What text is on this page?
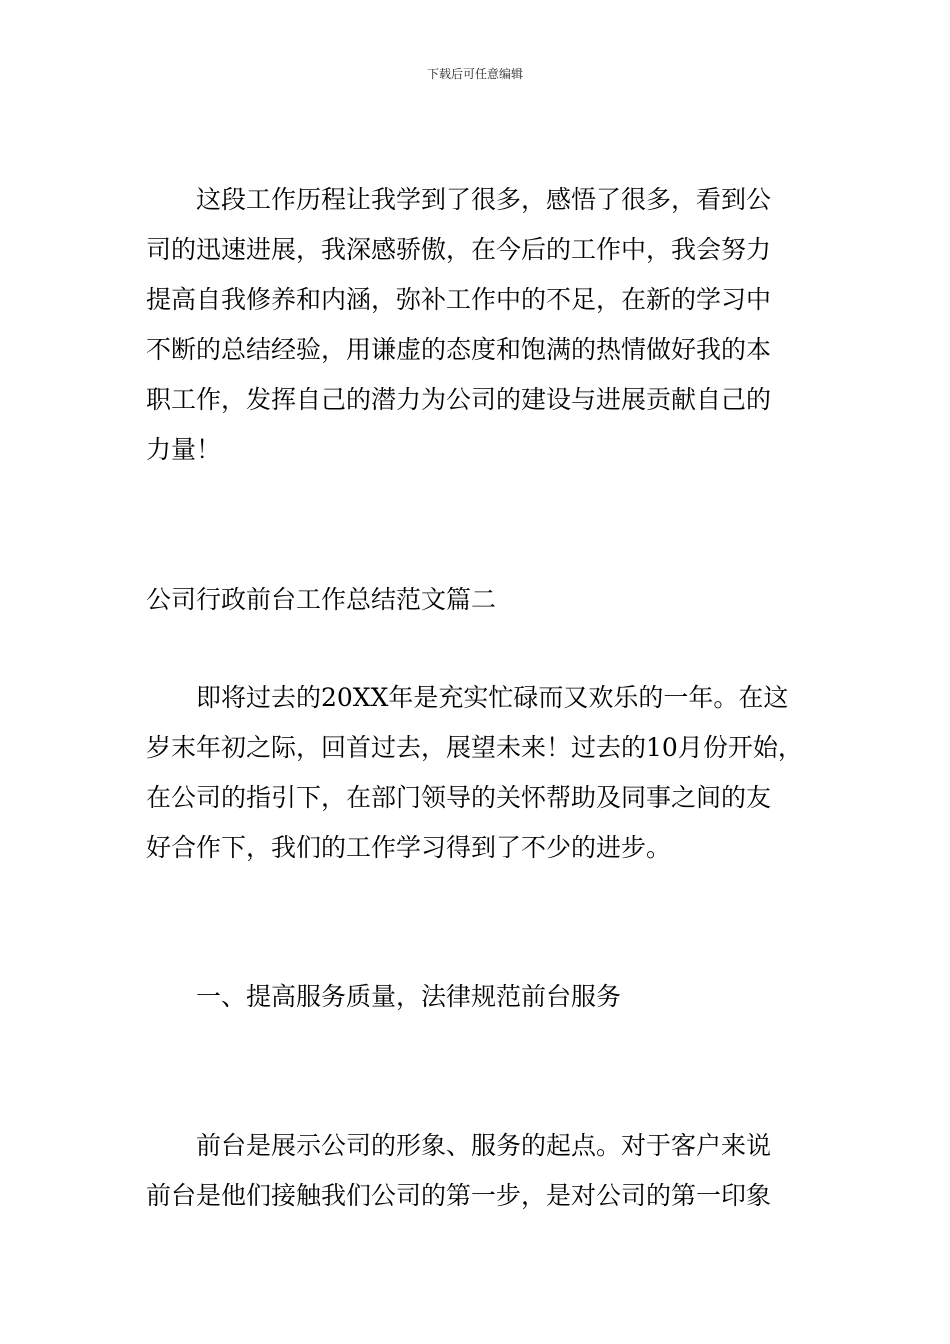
下载后可任意编辑

这段工作历程让我学到了很多，感悟了很多，看到公
司的迅速进展，我深感骄傲，在今后的工作中，我会努力
提高自我修养和内涵，弥补工作中的不足，在新的学习中
不断的总结经验，用谦虚的态度和饱满的热情做好我的本
职工作，发挥自己的潜力为公司的建设与进展贡献自己的
力量！

公司行政前台工作总结范文篇二

即将过去的20XX年是充实忙碌而又欢乐的一年。在这
岁末年初之际，回首过去，展望未来！过去的10月份开始，
在公司的指引下，在部门领导的关怀帮助及同事之间的友
好合作下，我们的工作学习得到了不少的进步。

一、提高服务质量，法律规范前台服务

前台是展示公司的形象、服务的起点。对于客户来说
前台是他们接触我们公司的第一步，是对公司的第一印象
